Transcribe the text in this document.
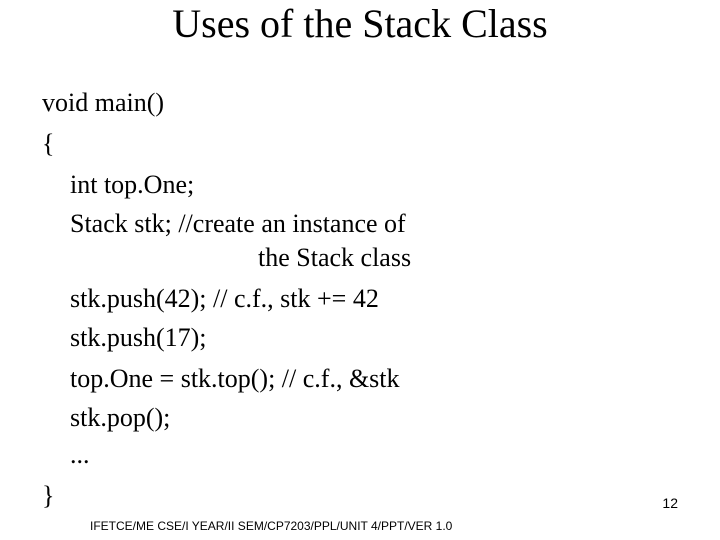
Uses of the Stack Class
void main()
{
int top.One;
Stack stk; //create an instance of
the Stack class
stk.push(42); // c.f., stk += 42
stk.push(17);
top.One = stk.top(); // c.f., &stk
stk.pop();
...
}	12
IFETCE/ME CSE/I YEAR/II SEM/CP7203/PPL/UNIT 4/PPT/VER 1.0
